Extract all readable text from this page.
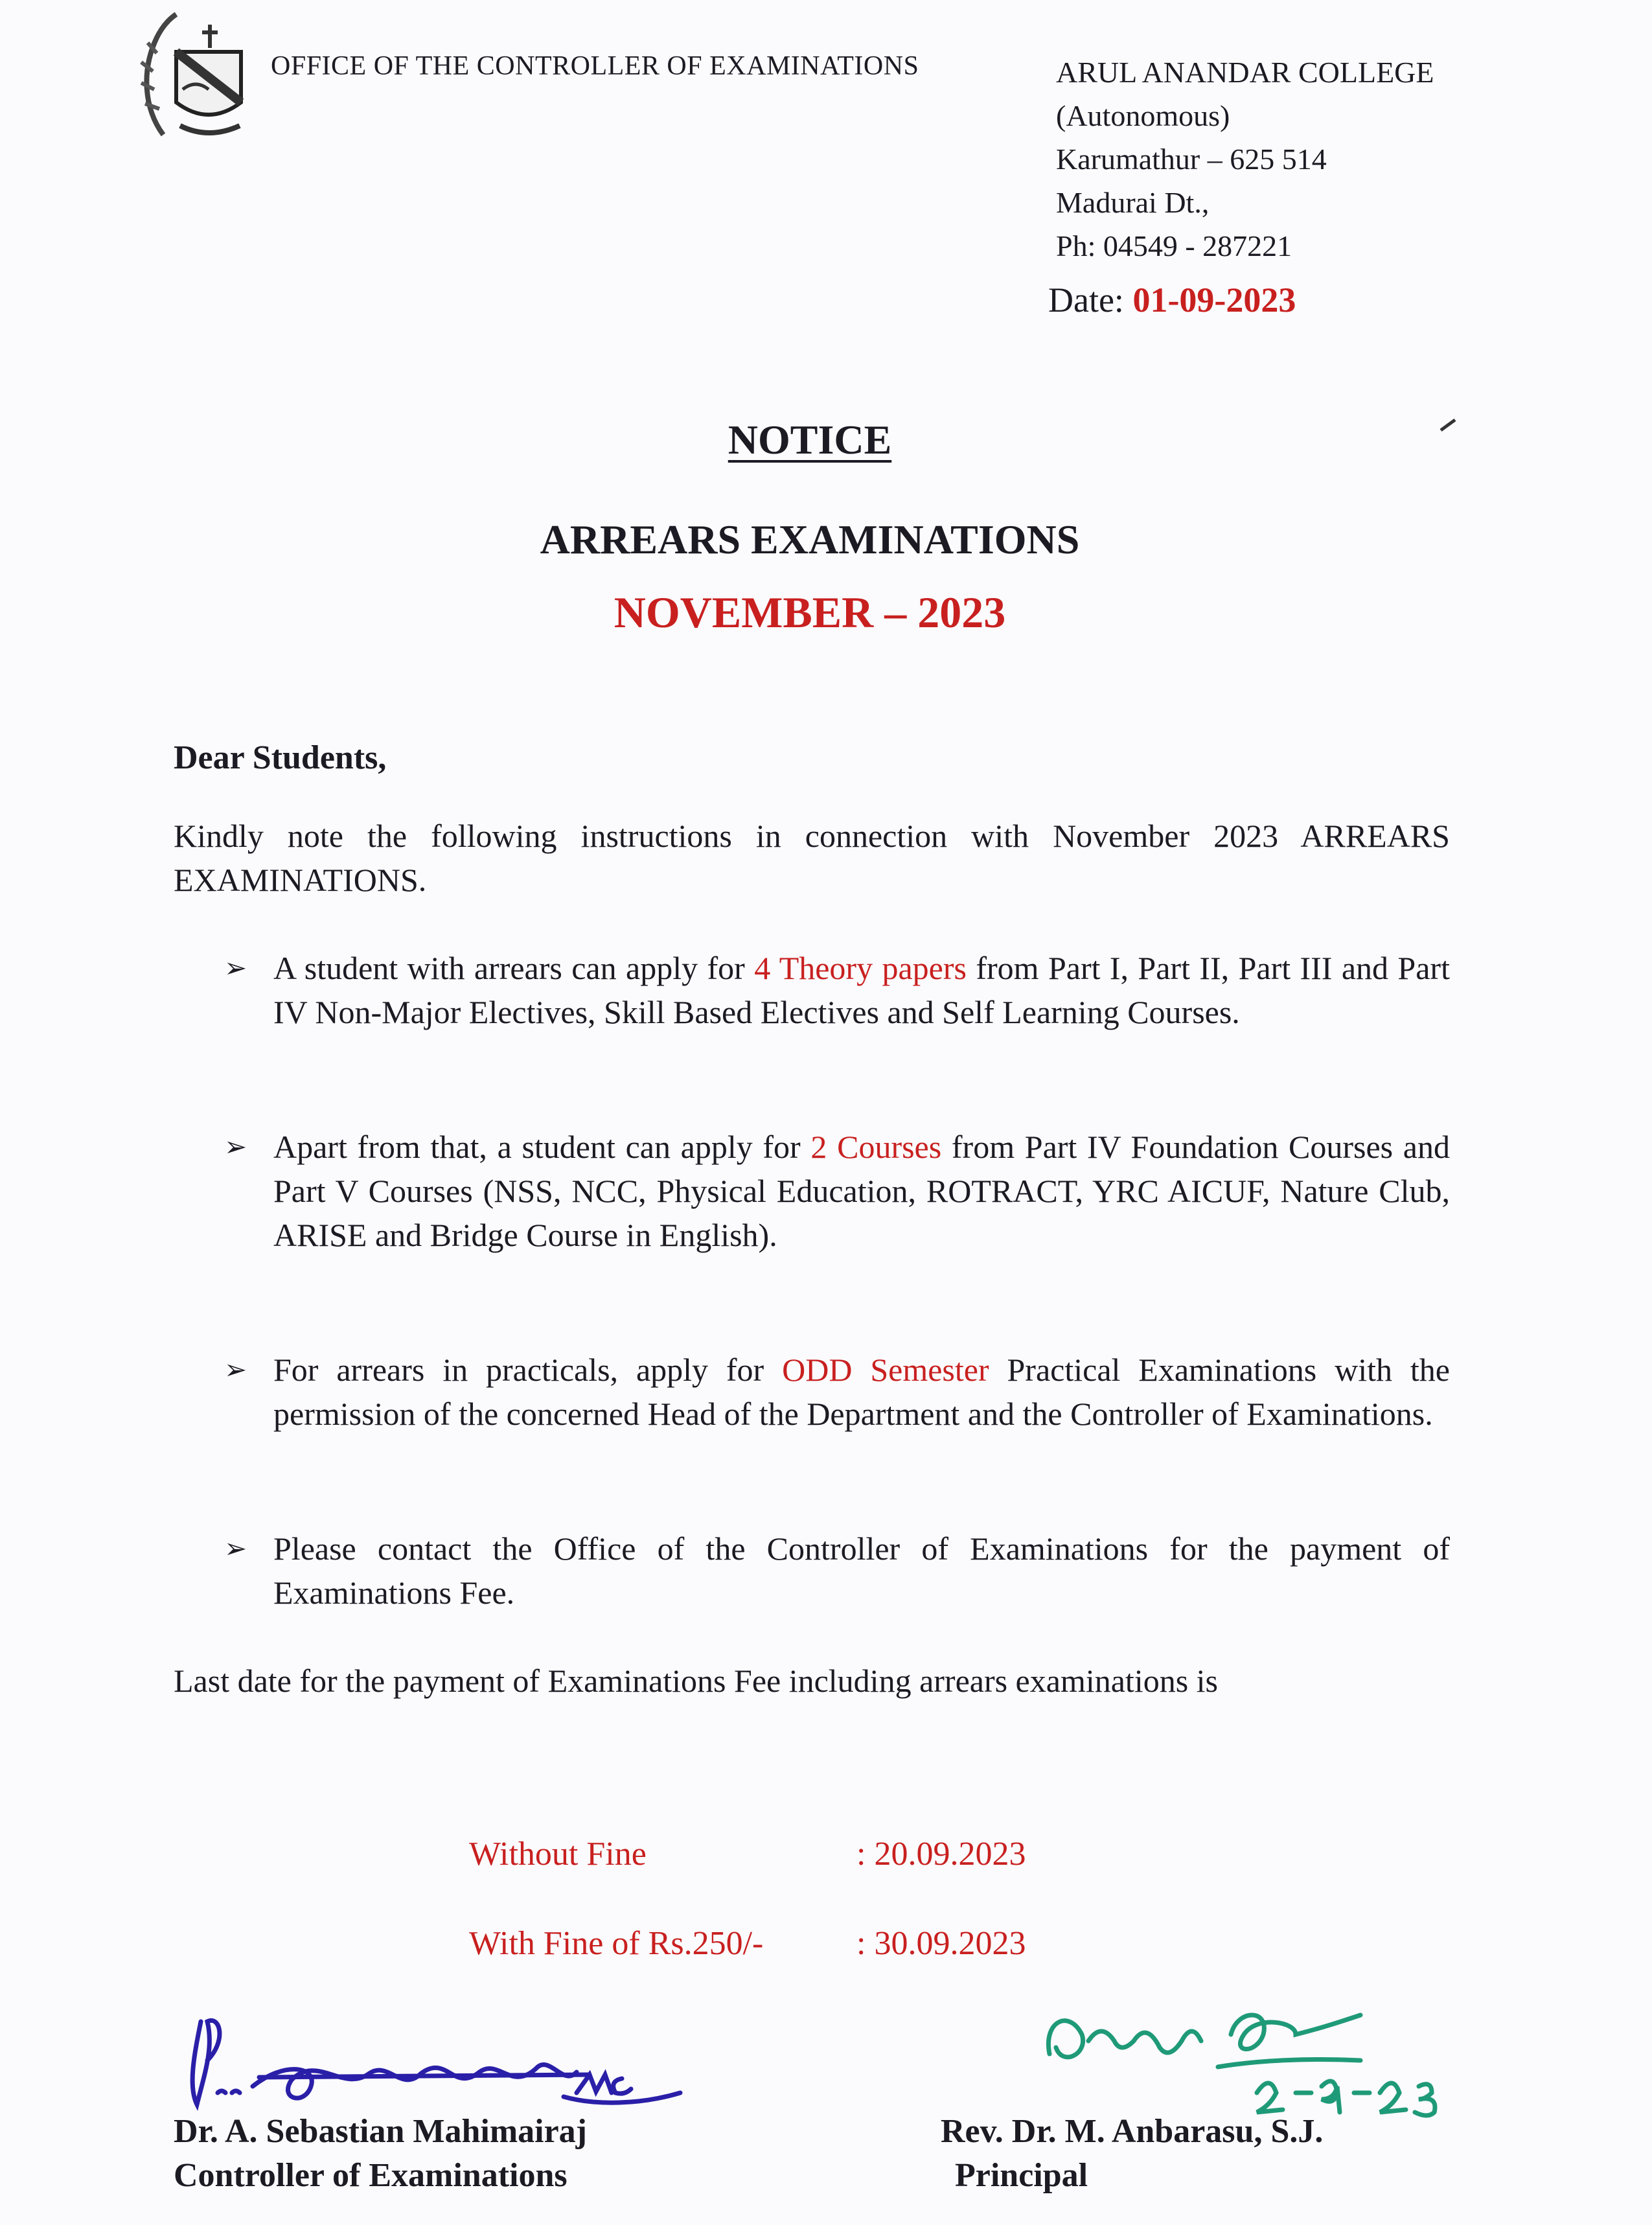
OFFICE OF THE CONTROLLER OF EXAMINATIONS	ARUL ANANDAR COLLEGE
(Autonomous)
Karumathur – 625 514
Madurai Dt.,
Ph: 04549 - 287221
Date: 01-09-2023
NOTICE
ARREARS EXAMINATIONS
NOVEMBER – 2023
Dear Students,
Kindly note the following instructions in connection with November 2023 ARREARS EXAMINATIONS.
➢ A student with arrears can apply for 4 Theory papers from Part I, Part II, Part III and Part IV Non-Major Electives, Skill Based Electives and Self Learning Courses.
➢ Apart from that, a student can apply for 2 Courses from Part IV Foundation Courses and Part V Courses (NSS, NCC, Physical Education, ROTRACT, YRC AICUF, Nature Club, ARISE and Bridge Course in English).
➢ For arrears in practicals, apply for ODD Semester Practical Examinations with the permission of the concerned Head of the Department and the Controller of Examinations.
➢ Please contact the Office of the Controller of Examinations for the payment of Examinations Fee.
Last date for the payment of Examinations Fee including arrears examinations is
Without Fine	: 20.09.2023
With Fine of Rs.250/-	: 30.09.2023
Dr. A. Sebastian Mahimairaj
Controller of Examinations
Rev. Dr. M. Anbarasu, S.J.
Principal
